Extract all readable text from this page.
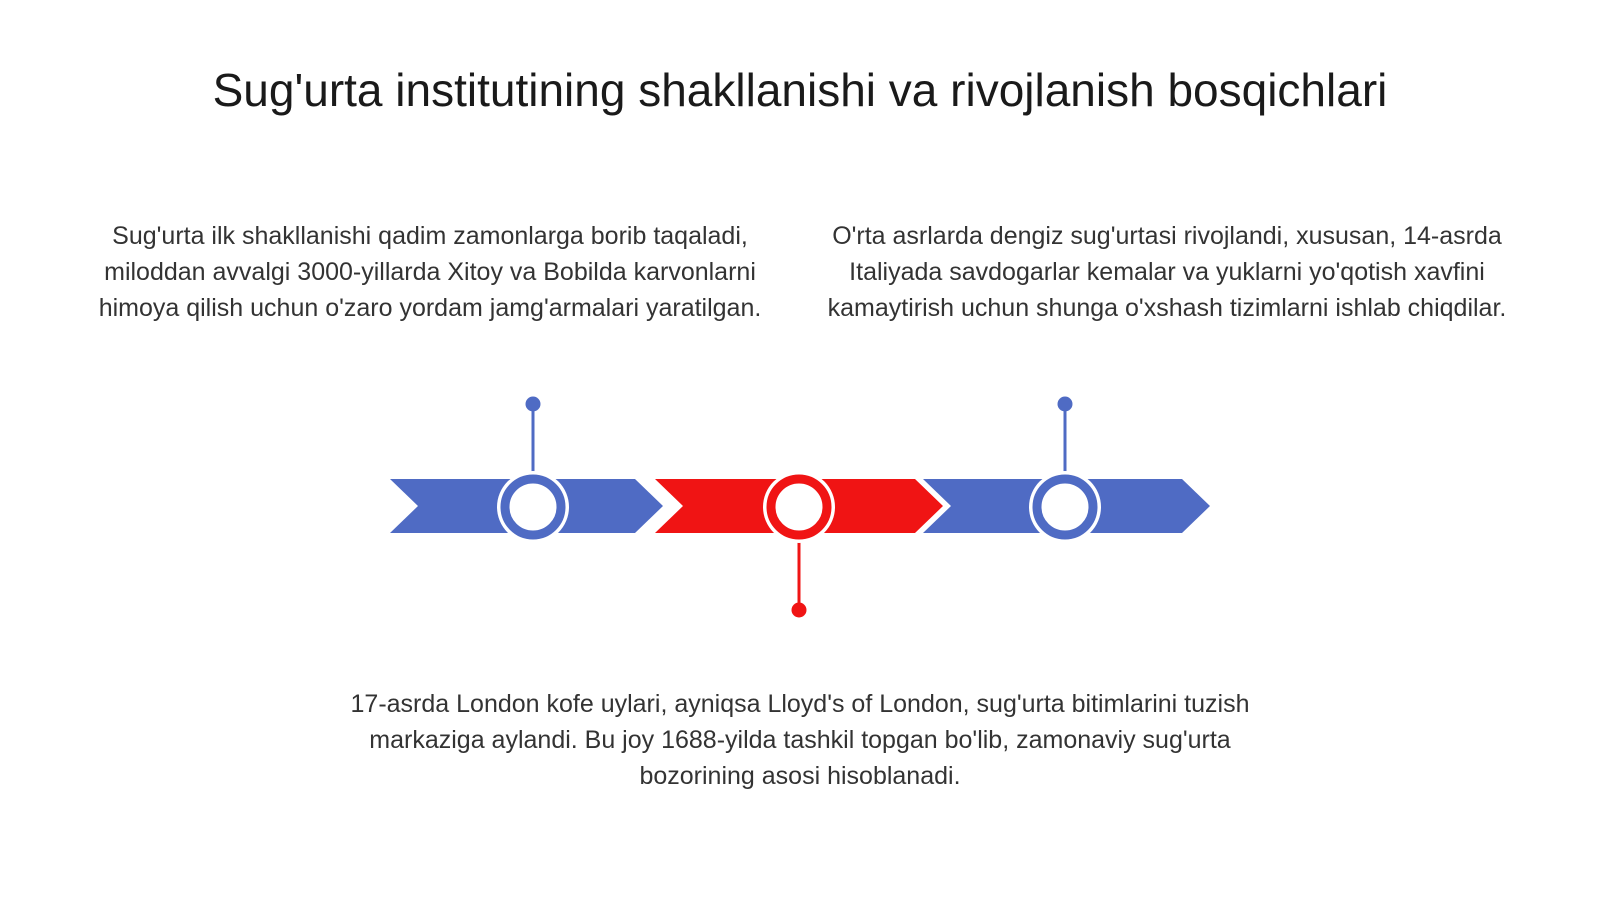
Sug'urta institutining shakllanishi va rivojlanish bosqichlari

Sug'urta ilk shakllanishi qadim zamonlarga borib taqaladi, miloddan avvalgi 3000-yillarda Xitoy va Bobilda karvonlarni himoya qilish uchun o'zaro yordam jamg'armalari yaratilgan.

O'rta asrlarda dengiz sug'urtasi rivojlandi, xususan, 14-asrda Italiyada savdogarlar kemalar va yuklarni yo'qotish xavfini kamaytirish uchun shunga o'xshash tizimlarni ishlab chiqdilar.

17-asrda London kofe uylari, ayniqsa Lloyd's of London, sug'urta bitimlarini tuzish markaziga aylandi. Bu joy 1688-yilda tashkil topgan bo'lib, zamonaviy sug'urta bozorining asosi hisoblanadi.
